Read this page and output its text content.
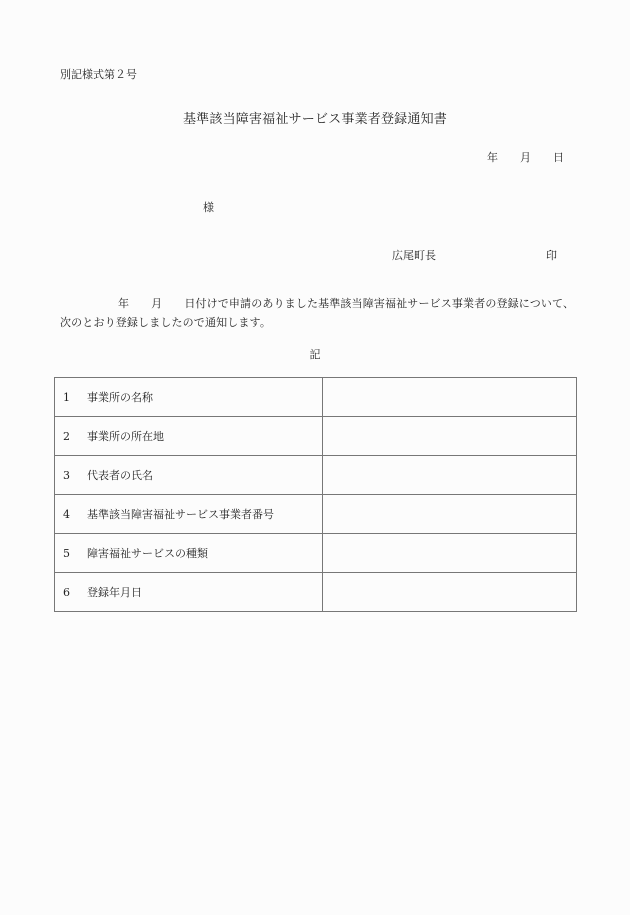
別記様式第２号
基準該当障害福祉サービス事業者登録通知書
年 月 日
様
広尾町長	印
年 月 日付けで申請のありました基準該当障害福祉サービス事業者の登録について、次のとおり登録しましたので通知します。
記
1 事業所の名称	
2 事業所の所在地	
3 代表者の氏名	
4 基準該当障害福祉サービス事業者番号	
5 障害福祉サービスの種類	
6 登録年月日	
